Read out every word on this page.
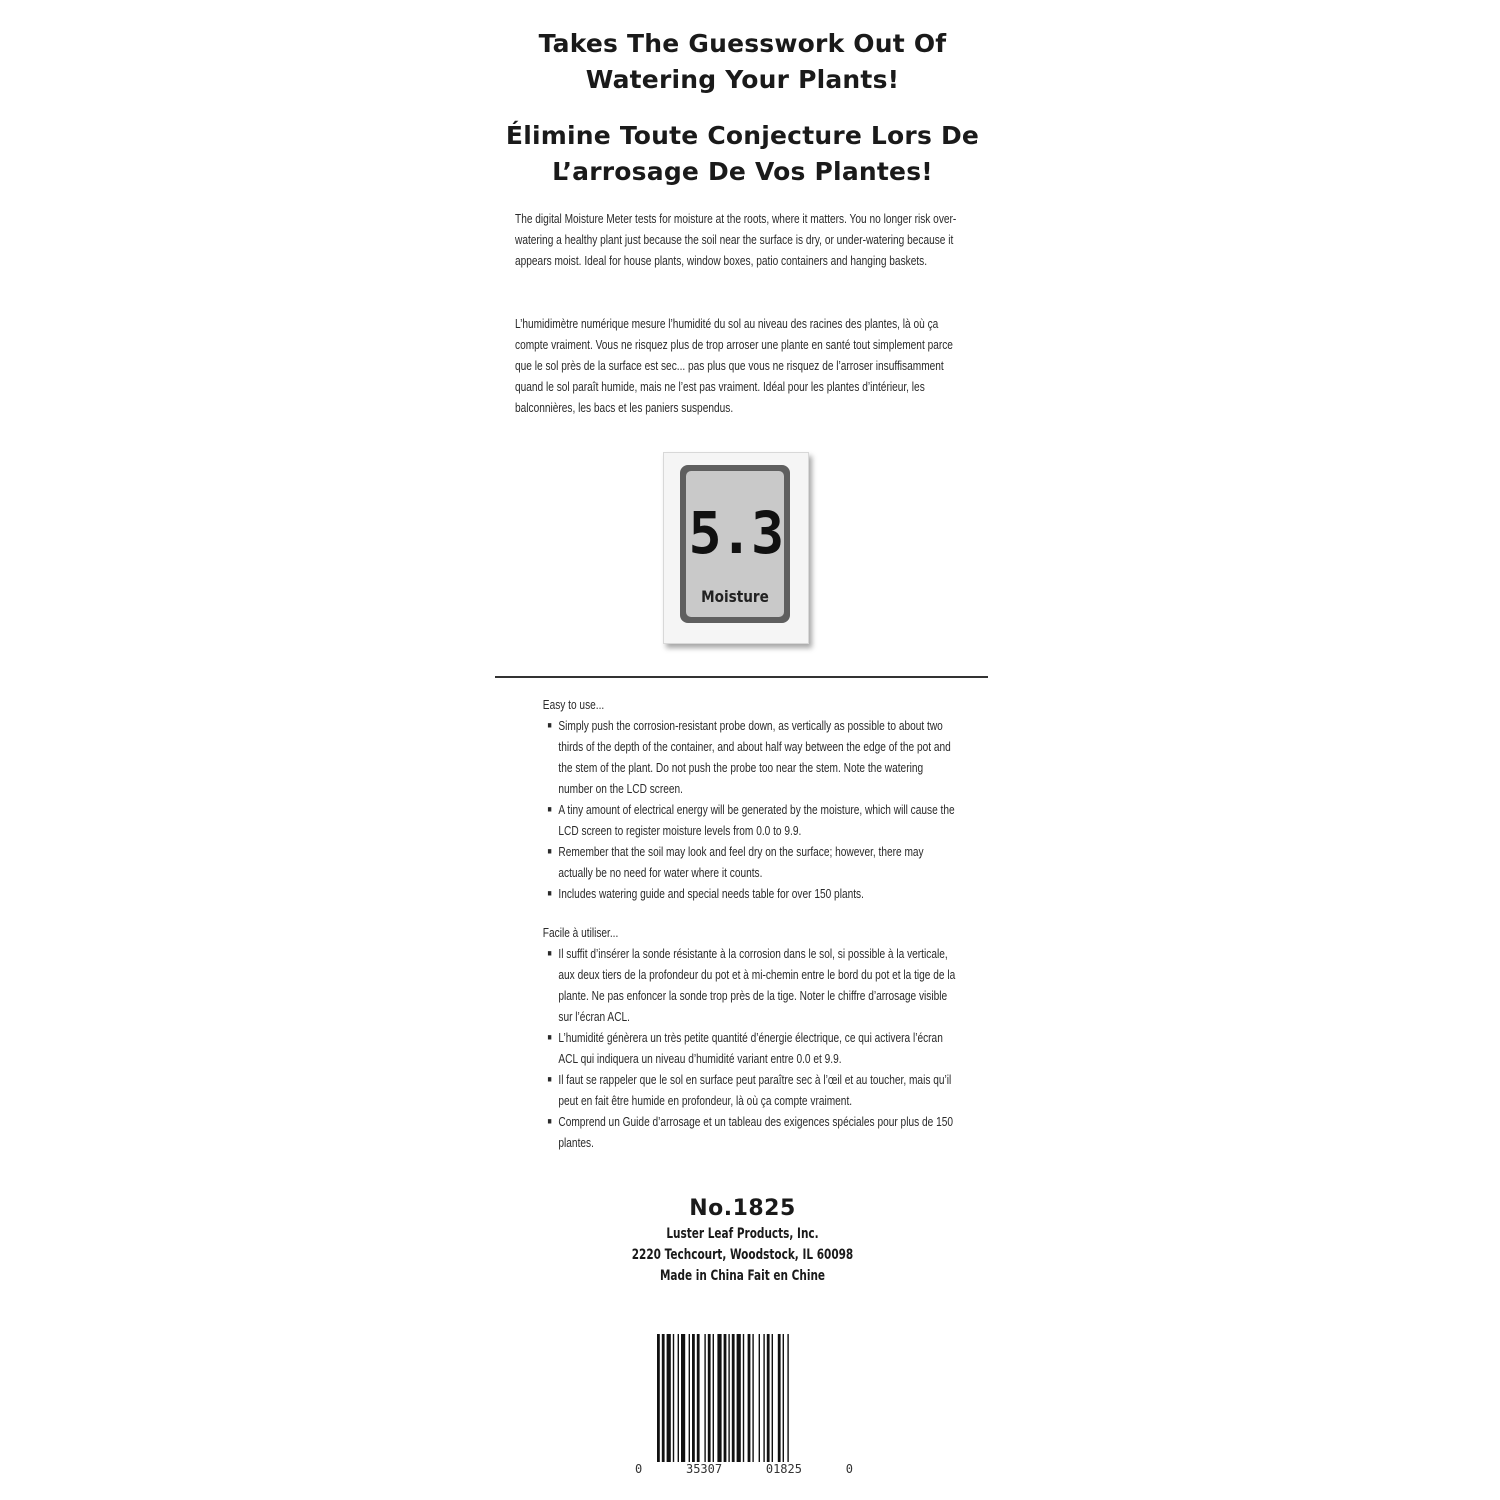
Takes The Guesswork Out Of
Watering Your Plants!
Élimine Toute Conjecture Lors De
L’arrosage De Vos Plantes!
The digital Moisture Meter tests for moisture at the roots, where it matters. You no longer risk over-watering a healthy plant just because the soil near the surface is dry, or under-watering because it appears moist. Ideal for house plants, window boxes, patio containers and hanging baskets.
L’humidimètre numérique mesure l’humidité du sol au niveau des racines des plantes, là où ça compte vraiment. Vous ne risquez plus de trop arroser une plante en santé tout simplement parce que le sol près de la surface est sec... pas plus que vous ne risquez de l’arroser insuffisamment quand le sol paraît humide, mais ne l’est pas vraiment. Idéal pour les plantes d’intérieur, les balconnières, les bacs et les paniers suspendus.
5.3
Moisture
Easy to use...
■ Simply push the corrosion-resistant probe down, as vertically as possible to about two thirds of the depth of the container, and about half way between the edge of the pot and the stem of the plant. Do not push the probe too near the stem. Note the watering number on the LCD screen.
■ A tiny amount of electrical energy will be generated by the moisture, which will cause the LCD screen to register moisture levels from 0.0 to 9.9.
■ Remember that the soil may look and feel dry on the surface; however, there may actually be no need for water where it counts.
■ Includes watering guide and special needs table for over 150 plants.
Facile à utiliser...
■ Il suffit d’insérer la sonde résistante à la corrosion dans le sol, si possible à la verticale, aux deux tiers de la profondeur du pot et à mi-chemin entre le bord du pot et la tige de la plante. Ne pas enfoncer la sonde trop près de la tige. Noter le chiffre d’arrosage visible sur l’écran ACL.
■ L’humidité génèrera un très petite quantité d’énergie électrique, ce qui activera l’écran ACL qui indiquera un niveau d’humidité variant entre 0.0 et 9.9.
■ Il faut se rappeler que le sol en surface peut paraître sec à l’œil et au toucher, mais qu’il peut en fait être humide en profondeur, là où ça compte vraiment.
■ Comprend un Guide d’arrosage et un tableau des exigences spéciales pour plus de 150 plantes.
No.1825
Luster Leaf Products, Inc.
2220 Techcourt, Woodstock, IL 60098
Made in China Fait en Chine
0	35307	01825	0
